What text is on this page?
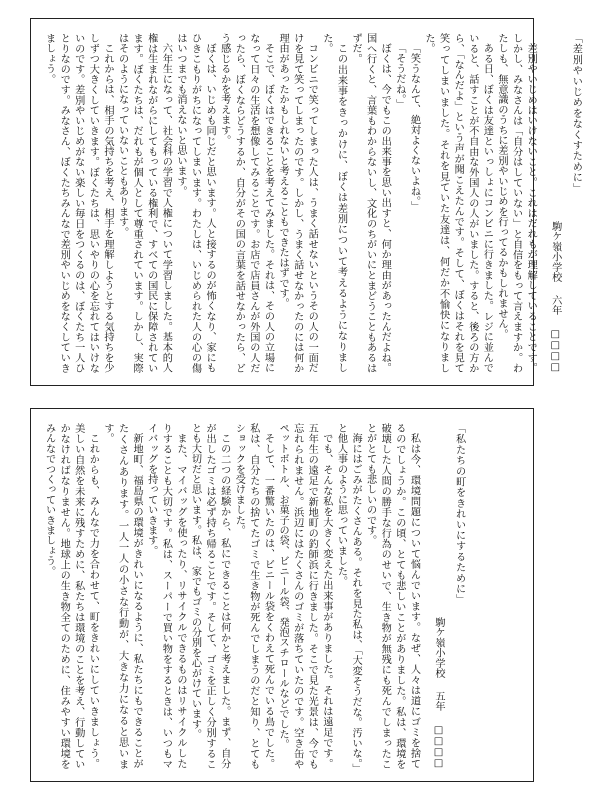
「差別やいじめをなくすために」
駒ケ嶺小学校 六年 □□□□

差別やいじめはいけないこと。これはだれもが理解していることです。しかし、みなさんは「自分はしていない」と自信をもって言えますか。わたしも、無意識のうちに差別やいじめを行ってるかもしれません。

ある日、ぼくは友達といっしょにコンビニに行きました。レジに並んでいると、話すことが不自由な外国人の人がいました。すると、後ろの方から、「なんだよ」という声が聞こえたんです。そして、ぼくはそれを見て笑ってしまいました。それを見ていた友達は、何だか不愉快になりました。

「笑うなんて、絶対よくないよね。」

「そうだね。」

ぼくは、今でもこの出来事を思い出すと、何か理由があったんだよね。国へ行くと、言葉もわからないし、文化のちがいにとまどうこともあるはずだ。

この出来事をきっかけに、ぼくは差別について考えるようになりました。

コンビニで笑ってしまった人は、うまく話せないというその人の一面だけを見て笑ってしまったのです。しかし、うまく話せなかったのには何か理由があったかもしれないと考えることもできたはずです。

そこで、ぼくはできることを考えてみました。それは、その人の立場になって日々の生活を想像してみることです。お店で店員さんが外国の人だったら、ぼくならどうするか、自分がその国の言葉を話せなかったら、どう感じるかを考えます。

ぼくは、いじめも同じだと思います。人と接するのが怖くなり、家にもひきこもりがちになってしまいます。わたしは、いじめられた人の心の傷はいつまでも消えないと思います。

六年生になって、社会科の学習で人権について学習しました。基本的人権は生まれながらにしてもっている権利で、すべての国民に保障されています。ぼくたちは、だれもが個人として尊重されています。しかし、実際はそのようになっていないこともあります。

これからは、相手の気持ちを考え、相手を理解しようとする気持ちを少しずつ大きくしていきます。ぼくたちは、思いやりの心を忘れてはいけないのです。差別やいじめがない楽しい毎日をつくるのは、ぼくたち一人ひとりなのです。みなさん、ぼくたちみんなで差別やいじめをなくしていきましょう。

「私たちの町をきれいにするために」
駒ケ嶺小学校 五年 □□□□

私は今、環境問題について悩んでいます。なぜ、人々は道にゴミを捨てるのでしょうか。この頃、とても悲しいことがありました。私は、環境を破壊した人間の勝手な行為のせいで、生き物が無残にも死んでしまったことがとても悲しいのです。

海にはごみがたくさんある。それを見た私は、「大変そうだな。汚いな。」と他人事のように思っていました。

でも、そんな私を大きく変えた出来事がありました。それは遠足です。五年生の遠足で新地町の釣師浜に行きました。そこで見た光景は、今でも忘れられません。浜辺にはたくさんのゴミが落ちていたのです。空き缶やペットボトル、お菓子の袋、ビニール袋、発泡スチロールなどでした。

そして、一番驚いたのは、ビニール袋をくわえて死んでいる鳥でした。私は、自分たちの捨てたゴミで生き物が死んでしまうのだと知り、とてもショックを受けました。

この二つの経験から、私にできることは何かと考えました。まず、自分が出したゴミは必ず持ち帰ることです。そして、ゴミを正しく分別することも大切だと思います。私は、家でもゴミの分別を心がけています。

また、マイバッグを使ったり、リサイクルできるものはリサイクルしたりすることも大切です。私は、スーパーで買い物をするときは、いつもマイバッグを持っていきます。

新地町、福島県の環境がきれいになるように、私たちにもできることがたくさんあります。一人一人の小さな行動が、大きな力になると思います。

これからも、みんなで力を合わせて、町をきれいにしていきましょう。美しい自然を未来に残すために、私たちは環境のことを考え、行動していかなければなりません。地球上の生き物全てのために、住みやすい環境をみんなでつくっていきましょう。
